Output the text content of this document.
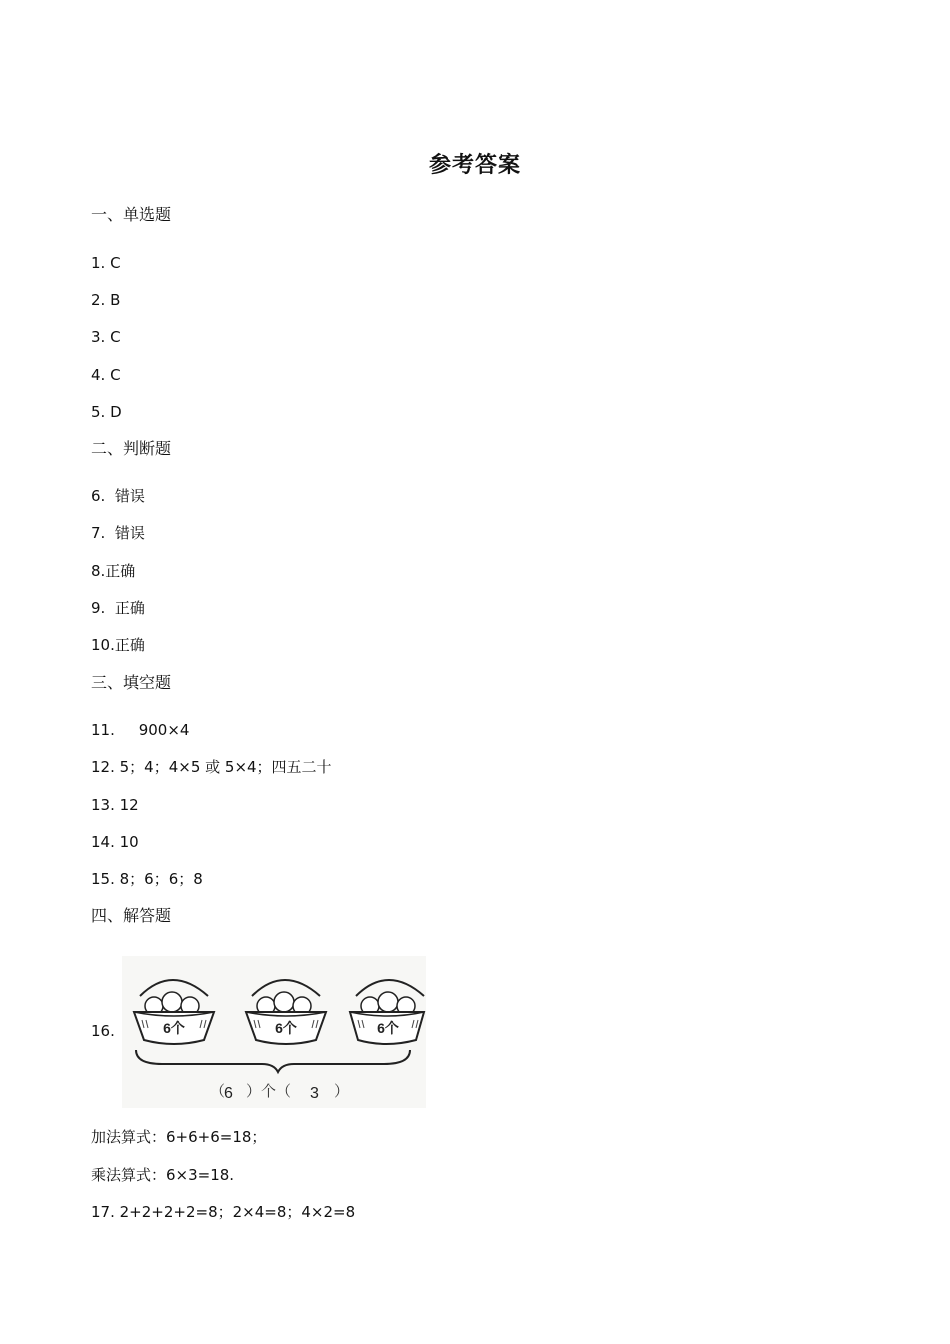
参考答案
一、单选题
1. C
2. B
3. C
4. C
5. D
二、判断题
6.  错误
7.  错误
8.正确
9.  正确
10.正确
三、填空题
11.     900×4
12. 5；4；4×5 或 5×4；四五二十
13. 12
14. 10
15. 8；6；6；8
四、解答题
16.	6个	6个	6个
（
6 ）个（ 3 ）
加法算式：6+6+6=18；
乘法算式：6×3=18.
17. 2+2+2+2=8；2×4=8；4×2=8
